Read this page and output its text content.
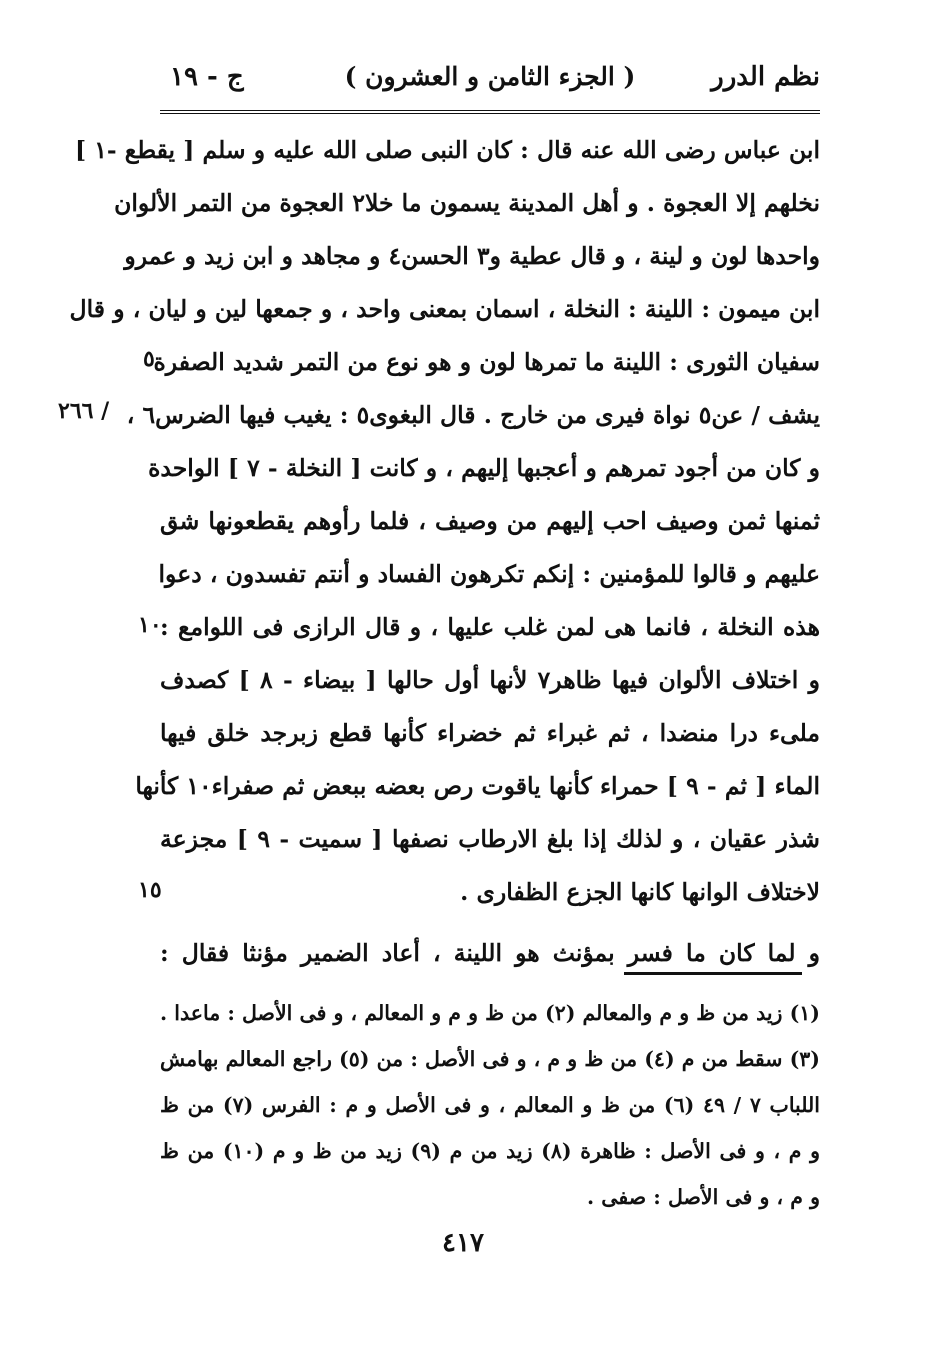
نظم الدرر
( الجزء الثامن و العشرون )
ج - ١٩
ابن عباس رضى الله عنه قال : كان النبى صلى الله عليه و سلم [ يقطع -١ ]
نخلهم إلا العجوة . و أهل المدينة يسمون ما خلا٢ العجوة من التمر الألوان
واحدها لون و لينة ، و قال عطية و٣ الحسن٤ و مجاهد و ابن زيد و عمرو
ابن ميمون : اللينة : النخلة ، اسمان بمعنى واحد ، و جمعها لين و ليان ، و قال
سفيان الثورى : اللينة ما تمرها لون و هو نوع من التمر شديد الصفرة
يشف / عن٥ نواة فيرى من خارج . قال البغوى٥ : يغيب فيها الضرس٦ ،
و كان من أجود تمرهم و أعجبها إليهم ، و كانت [ النخلة - ٧ ] الواحدة
ثمنها ثمن وصيف احب إليهم من وصيف ، فلما رأوهم يقطعونها شق
عليهم و قالوا للمؤمنين : إنكم تكرهون الفساد و أنتم تفسدون ، دعوا
هذه النخلة ، فانما هى لمن غلب عليها ، و قال الرازى فى اللوامع :
و اختلاف الألوان فيها ظاهر٧ لأنها أول حالها [ بيضاء - ٨ ] كصدف
ملىء درا منضدا ، ثم غبراء ثم خضراء كأنها قطع زبرجد خلق فيها
الماء [ ثم - ٩ ] حمراء كأنها ياقوت رص بعضه ببعض ثم صفراء١٠ كأنها
شذر عقيان ، و لذلك إذا بلغ الارطاب نصفها [ سميت - ٩ ] مجزعة
لاختلاف الوانها كانها الجزع الظفارى .
و لما كان ما فسر بمؤنث هو اللينة ، أعاد الضمير مؤنثا فقال :
٥
١٠
١٥
/ ٢٦٦
(١) زيد من ظ و م والمعالم (٢) من ظ و م و المعالم ، و فى الأصل : ماعدا .
(٣) سقط من م (٤) من ظ و م ، و فى الأصل : من (٥) راجع المعالم بهامش
اللباب ٧ / ٤٩ (٦) من ظ و المعالم ، و فى الأصل و م : الفرس (٧) من ظ
و م ، و فى الأصل : ظاهرة (٨) زيد من م (٩) زيد من ظ و م (١٠) من ظ
و م ، و فى الأصل : صفى .
٤١٧
